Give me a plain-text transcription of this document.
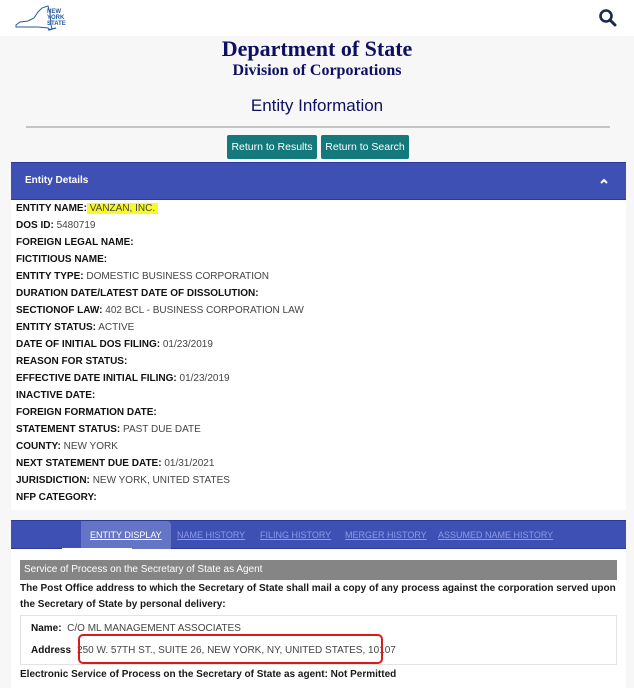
NEW
YORK
STATE
Department of State
Division of Corporations
Entity Information
Return to Results	Return to Search
Entity Details
ENTITY NAME: VANZAN, INC.
DOS ID: 5480719
FOREIGN LEGAL NAME:
FICTITIOUS NAME:
ENTITY TYPE: DOMESTIC BUSINESS CORPORATION
DURATION DATE/LATEST DATE OF DISSOLUTION:
SECTIONOF LAW: 402 BCL - BUSINESS CORPORATION LAW
ENTITY STATUS: ACTIVE
DATE OF INITIAL DOS FILING: 01/23/2019
REASON FOR STATUS:
EFFECTIVE DATE INITIAL FILING: 01/23/2019
INACTIVE DATE:
FOREIGN FORMATION DATE:
STATEMENT STATUS: PAST DUE DATE
COUNTY: NEW YORK
NEXT STATEMENT DUE DATE: 01/31/2021
JURISDICTION: NEW YORK, UNITED STATES
NFP CATEGORY:
ENTITY DISPLAY	NAME HISTORY FILING HISTORY MERGER HISTORY ASSUMED NAME HISTORY
Service of Process on the Secretary of State as Agent
The Post Office address to which the Secretary of State shall mail a copy of any process against the corporation served upon the Secretary of State by personal delivery:
Name: C/O ML MANAGEMENT ASSOCIATES
Address 250 W. 57TH ST., SUITE 26, NEW YORK, NY, UNITED STATES, 10107
Electronic Service of Process on the Secretary of State as agent: Not Permitted
